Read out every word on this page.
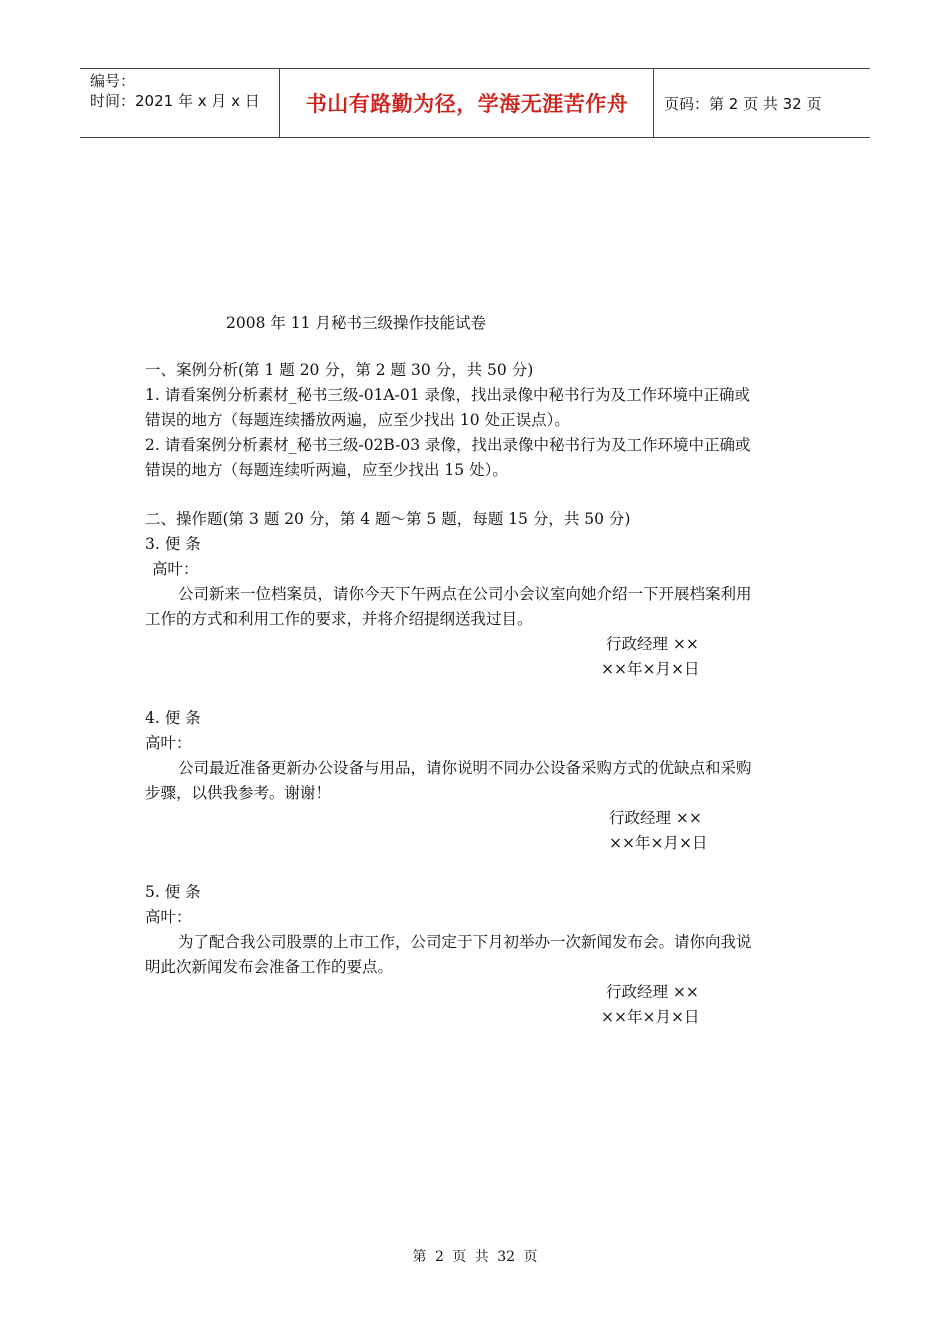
编号：
时间：2021 年 x 月 x 日	书山有路勤为径，学海无涯苦作舟	页码：第 2 页 共 32 页
2008 年 11 月秘书三级操作技能试卷
一、案例分析(第 1 题 20 分，第 2 题 30 分，共 50 分)
1. 请看案例分析素材_秘书三级-01A-01 录像，找出录像中秘书行为及工作环境中正确或
错误的地方（每题连续播放两遍，应至少找出 10 处正误点）。
2. 请看案例分析素材_秘书三级-02B-03 录像，找出录像中秘书行为及工作环境中正确或
错误的地方（每题连续听两遍，应至少找出 15 处）。
二、操作题(第 3 题 20 分，第 4 题～第 5 题，每题 15 分，共 50 分)
3. 便 条
高叶：
公司新来一位档案员，请你今天下午两点在公司小会议室向她介绍一下开展档案利用
工作的方式和利用工作的要求，并将介绍提纲送我过目。
行政经理 ××
××年×月×日
4. 便 条
高叶：
公司最近准备更新办公设备与用品，请你说明不同办公设备采购方式的优缺点和采购
步骤，以供我参考。谢谢！
行政经理 ××
××年×月×日
5. 便 条
高叶：
为了配合我公司股票的上市工作，公司定于下月初举办一次新闻发布会。请你向我说
明此次新闻发布会准备工作的要点。
行政经理 ××
××年×月×日
第 2 页 共 32 页
